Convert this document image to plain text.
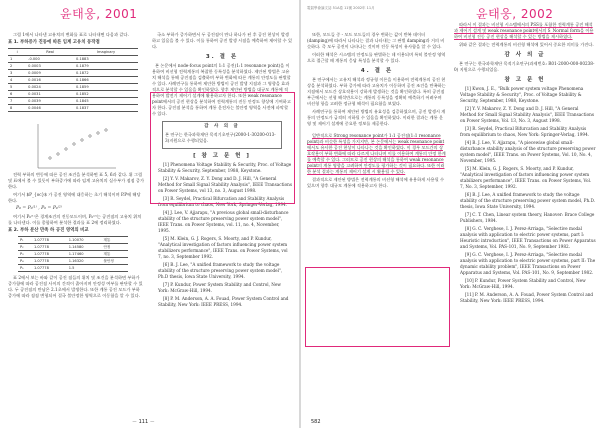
윤태웅, 2001

그림 1에서 나타낸 고유치의 변화를 표로 나타내면 다음과 같다.

표 1. 부하증가 진동에 따른 임계 고유치 동작점
i	Real	Imaginary
1	-0.000	0.1883
2	0.0003	0.1879
3	0.0009	0.1872
4	0.0016	0.1866
5	0.0024	0.1859
6	0.0031	0.1852
7	0.0039	0.1845
8	0.0046	0.1837

전력 부하의 변동에 따른 공진 조건을 분석하면 표 5, 6과 같다. 위 그림 및 표에서 볼 수 있듯이 부하증가에 따라 임계 고유치의 실수부가 점점 증가한다.

여기서 $P_{oc}$ 가 공진 영역에 대응하는 초기 해석이며 P.P에 해당한다.

P₀ = P₀⁽¹⁾ , P₀ = P₀⁽²⁾

여기서 P₀⁽¹⁾은 경계조건의 진동모드이며, P₀⁽²⁾는 공진점의 고유치 위치를 나타낸다. 이를 종합하여 분석한 결과를 표 2에 정리하였다.

표 2. 부하 분산 만족 하 공진 영역의 비교
P₁	1.07778	1.10070	계통
P₂	1.07778	1.14580	안정
P₃	1.07778	1.17460	계통
P₄	1.07778	1.16320	불안정
P₅	1.07778	1.5	

표 2에서 보는 바와 같이 공진 점들의 위치 및 조건을 분석하면 부하가 증가함에 따라 공진점 사이의 간격이 좁아지며 안정성 여부를 판단할 수 있다. 두 공진점의 만남은 2.1초에서 발생한다. 또한 계통 공진 모드가 부하 증가에 따라 점점 변형되어 결국 불안정한 영역으로 이동함을 알 수 있다.

국소 부하가 증가하면서 두 공진점이 만나 하나가 된 후 공진 현상이 발생하고 있음을 볼 수 있다. 이를 통하여 공진 발생 시점을 예측하여 제어할 수 있다.

3. 결 론

본 논문에서 node-focus point의 1:1 공진(1:1 resonance point)을 이용하여 비선형 전력계통의 복잡한 동특성을 분석하였다. 제안된 방법은 고유치 해석을 통해 공진점을 검출하며 부하 변화에 따른 계통의 안정도를 판별할 수 있다. 사례연구를 통하여 제안한 방법이 공진 발생 지점과 그 영향을 효과적으로 분석할 수 있음을 확인하였다. 향후 제안된 방법을 대규모 계통에 적용하여 발전기 제어기 설계에 활용하고자 한다. 또한 weak resonance point에서의 공진 현상을 분석하여 전력계통의 진동 안정도 향상에 기여하고자 한다. 공진점 분석을 통하여 계통 운전자는 불안정 영역을 사전에 파악할 수 있다.

감 사 의 글

본 연구는 한국과학재단 목적기초연구(2000-1-30200-013-3)지원으로 수행되었음.

[ 참 고 문 헌 ]

[1] Phenomena Voltage Stability & Security, Proc. of Voltage Stability & Security, September, 1988, Keystone.

[2] Y. V. Makarov, Z. Y. Dong and D. J. Hill, "A General Method for Small Signal Stability Analysis", IEEE Transactions on Power Systems, vol 13, no. 3, August 1998.

[3] R. Seydel, Practical Bifurcation and Stability Analysis from equilibrium to chaos, New York, Springer-Verlag, 1994.

[4] J. Lee, V. Ajjarapu, "A previous global small-disturbance stability of the structure preserving power system model", IEEE Trans. on Power Systems, vol. 11, no. 4, November, 1995.

[5] M. Klein, G. J. Rogers, S. Moorty, and P. Kundur, "Analytical investigation of factors influencing power system stabilizers performance", IEEE Trans. on Power Systems, vol 7, no. 3, September 1992.

[6] B. J. Lee, "A unified framework to study the voltage stability of the structure preserving power system model", Ph.D thesis, Iowa State University, 1994.

[7] P. Kundur, Power System Stability and Control, New York: McGraw-Hill, 1994.

[8] P. M. Anderson, A. A. Fouad, Power System Control and Stability, New York: IEEE PRESS, 1994.

－ 111 －
電氣學會論文誌 51A卷 11號 2002年 11月	윤태웅, 2002

또한, 모드들 중 - 모드 모드들의 경우 변하는 값이 반복 데이터 (damping)에 따라서 나타나는 결과 나타내는 그 판별 damping과 거의 비슷하다. 즉 모두 공진이 나타나는 것이며 진동 특성이 유사함을 알 수 있다.

이러한 해석은 시스템의 안정도를 판별하는 데 이용되며 특히 불안정 영역으로 접근할 때 계통의 응답 특성을 분석할 수 있다.

4. 결 론

본 연구에서는 고유치 해석과 정규형 이론을 이용하여 전력계통의 공진 현상을 분석하였다. 부하 증가에 따라 고유치가 이동하며 공진 조건을 만족하는 지점에서 모드간 상호작용이 강하게 발생하는 것을 확인하였다. 특히 공진점 부근에서는 선형 해석만으로는 계통의 동특성을 정확히 예측하기 어려우며 비선형 항을 고려한 정규형 해석이 필요함을 보였다.

사례연구를 통하여 제안된 방법의 유효성을 검증하였으며, 공진 발생시 계통의 안정도가 급격히 저하될 수 있음을 확인하였다. 이러한 결과는 계통 운영 및 제어기 설계에 중요한 정보를 제공한다.

일반적으로 Strong resonance point가 1:1 공진점(1:1 resonance point)과 비슷한 특성을 가지지만, 본 논문에서는 weak resonance point에서도 유사한 공진 현상이 나타나는 것을 확인하였다. 이 경우 모드간의 상호작용이 부하 변화에 따라 다르게 나타나며 이를 이용하여 계통의 안정 한계를 예측할 수 있다. 그러므로 공진 현상의 해석을 통하여 weak resonance point의 계통 영향을 고려하여 안정도를 평가하는 것이 필요하다. 또한 이러한 분석 결과는 계통의 제어기 설계 시 활용될 수 있다.

결과적으로 제안된 방법은 전력계통의 비선형 해석에 유용하게 사용될 수 있으며 향후 대규모 계통에 적용하고자 한다.

따라서 이 결과는 비선형 시스템에서의 PSS를 포함한 전력계통 공진 해석과 제어기 설계 및 weak resonance point에서의 S_Normal form을 이용하여 비선형 진동 공진 현상을 해석할 수 있는 방법을 제시하였다.

위와 같은 결과는 전력계통의 비선형 해석에 있어서 중요한 의미를 가진다.

감 사 의 글

본 연구는 한국과학재단 목적기초연구(과제번호: R01-2000-000-00238-0) 지원으로 수행되었음.

참 고 문 헌

[1] Kwon, J. E., "Bulk power system voltage Phenomena Voltage Stability & Security", Proc. of Voltage Stability & Security, September, 1988, Keystone.

[2] Y. V. Makarov, Z. Y. Dong and D. J. Hill, "A General Method for Small Signal Stability Analysis", IEEE Transactions on Power Systems, Vol. 13, No. 3, August 1998.

[3] R. Seydel, Practical Bifurcation and Stability Analysis from equilibrium to chaos, New York: Springer-Verlag, 1994.

[4] B. J. Lee, V. Ajjarapu, "A piecewise global small-disturbance stability analysis of the structure preserving power system model", IEEE Trans. on Power Systems, Vol. 10, No. 4, November, 1995.

[5] M. Klein, G. J. Rogers, S. Moorty, and P. Kundur, "Analytical investigation of factors influencing power system stabilizers performance", IEEE Trans. on Power Systems, Vol. 7, No. 3, September, 1992.

[6] B. J. Lee, A unified framework to study the voltage stability of the structure preserving power system model, Ph.D. thesis, Iowa State University, 1994.

[7] C. T. Chen, Linear system theory, Hanover: Brace College Publishers, 1984.

[8] G. C. Verghese, I. J. Perez-Arriaga, "Selective modal analysis with application to electric power systems, part I: Heuristic introduction", IEEE Transactions on Power Apparatus and Systems, Vol. PAS-101, No. 9, September 1982.

[9] G. C. Verghese, I. J. Perez-Arriaga, "Selective modal analysis with application to electric power systems, part II: The dynamic stability problem", IEEE Transactions on Power Apparatus and Systems, Vol. PAS-101, No. 9, September 1982.

[10] P. Kundur, Power System Stability and Control, New York: McGraw-Hill, 1994.

[11] P. M. Anderson, A. A. Fouad, Power System Control and Stability, New York: IEEE PRESS, 1994.

582
